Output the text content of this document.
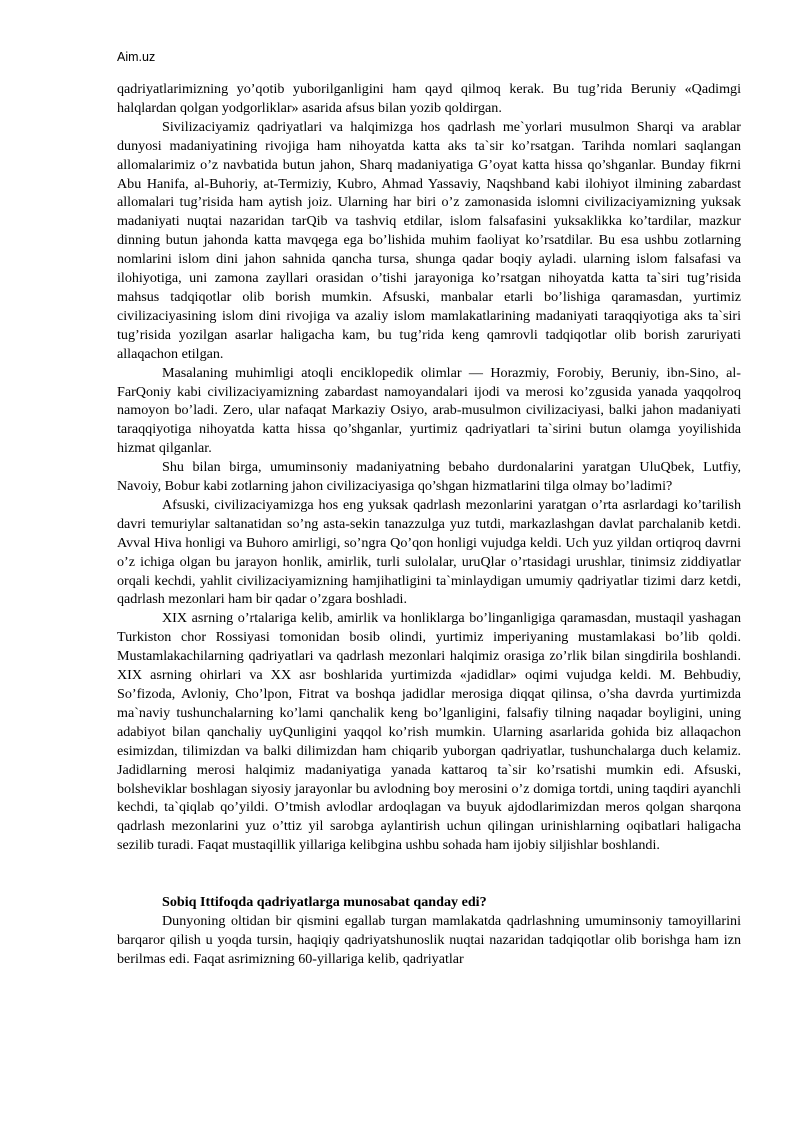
Aim.uz

qadriyatlarimizning yo’qotib yuborilganligini ham qayd qilmoq kerak. Bu tug’rida Beruniy «Qadimgi halqlardan qolgan yodgorliklar» asarida afsus bilan yozib qoldirgan.

Sivilizaciyamiz qadriyatlari va halqimizga hos qadrlash me`yorlari musulmon Sharqi va arablar dunyosi madaniyatining rivojiga ham nihoyatda katta aks ta`sir ko’rsatgan. Tarihda nomlari saqlangan allomalarimiz o’z navbatida butun jahon, Sharq madaniyatiga G’oyat katta hissa qo’shganlar. Bunday fikrni Abu Hanifa, al-Buhoriy, at-Termiziy, Kubro, Ahmad Yassaviy, Naqshband kabi ilohiyot ilmining zabardast allomalari tug’risida ham aytish joiz. Ularning har biri o’z zamonasida islomni civilizaciyamizning yuksak madaniyati nuqtai nazaridan tarQib va tashviq etdilar, islom falsafasini yuksaklikka ko’tardilar, mazkur dinning butun jahonda katta mavqega ega bo’lishida muhim faoliyat ko’rsatdilar. Bu esa ushbu zotlarning nomlarini islom dini jahon sahnida qancha tursa, shunga qadar boqiy ayladi. ularning islom falsafasi va ilohiyotiga, uni zamona zayllari orasidan o’tishi jarayoniga ko’rsatgan nihoyatda katta ta`siri tug’risida mahsus tadqiqotlar olib borish mumkin. Afsuski, manbalar etarli bo’lishiga qaramasdan, yurtimiz civilizaciyasining islom dini rivojiga va azaliy islom mamlakatlarining madaniyati taraqqiyotiga aks ta`siri tug’risida yozilgan asarlar haligacha kam, bu tug’rida keng qamrovli tadqiqotlar olib borish zaruriyati allaqachon etilgan.

Masalaning muhimligi atoqli enciklopedik olimlar — Horazmiy, Forobiy, Beruniy, ibn-Sino, al-FarQoniy kabi civilizaciyamizning zabardast namoyandalari ijodi va merosi ko’zgusida yanada yaqqolroq namoyon bo’ladi. Zero, ular nafaqat Markaziy Osiyo, arab-musulmon civilizaciyasi, balki jahon madaniyati taraqqiyotiga nihoyatda katta hissa qo’shganlar, yurtimiz qadriyatlari ta`sirini butun olamga yoyilishida hizmat qilganlar.

Shu bilan birga, umuminsoniy madaniyatning bebaho durdonalarini yaratgan UluQbek, Lutfiy, Navoiy, Bobur kabi zotlarning jahon civilizaciyasiga qo’shgan hizmatlarini tilga olmay bo’ladimi?

Afsuski, civilizaciyamizga hos eng yuksak qadrlash mezonlarini yaratgan o’rta asrlardagi ko’tarilish davri temuriylar saltanatidan so’ng asta-sekin tanazzulga yuz tutdi, markazlashgan davlat parchalanib ketdi. Avval Hiva honligi va Buhoro amirligi, so’ngra Qo’qon honligi vujudga keldi. Uch yuz yildan ortiqroq davrni o’z ichiga olgan bu jarayon honlik, amirlik, turli sulolalar, uruQlar o’rtasidagi urushlar, tinimsiz ziddiyatlar orqali kechdi, yahlit civilizaciyamizning hamjihatligini ta`minlaydigan umumiy qadriyatlar tizimi darz ketdi, qadrlash mezonlari ham bir qadar o’zgara boshladi.

XIX asrning o’rtalariga kelib, amirlik va honliklarga bo’linganligiga qaramasdan, mustaqil yashagan Turkiston chor Rossiyasi tomonidan bosib olindi, yurtimiz imperiyaning mustamlakasi bo’lib qoldi. Mustamlakachilarning qadriyatlari va qadrlash mezonlari halqimiz orasiga zo’rlik bilan singdirila boshlandi. XIX asrning ohirlari va XX asr boshlarida yurtimizda «jadidlar» oqimi vujudga keldi. M. Behbudiy, So’fizoda, Avloniy, Cho’lpon, Fitrat va boshqa jadidlar merosiga diqqat qilinsa, o’sha davrda yurtimizda ma`naviy tushunchalarning ko’lami qanchalik keng bo’lganligini, falsafiy tilning naqadar boyligini, uning adabiyot bilan qanchaliy uyQunligini yaqqol ko’rish mumkin. Ularning asarlarida gohida biz allaqachon esimizdan, tilimizdan va balki dilimizdan ham chiqarib yuborgan qadriyatlar, tushunchalarga duch kelamiz. Jadidlarning merosi halqimiz madaniyatiga yanada kattaroq ta`sir ko’rsatishi mumkin edi. Afsuski, bolsheviklar boshlagan siyosiy jarayonlar bu avlodning boy merosini o’z domiga tortdi, uning taqdiri ayanchli kechdi, ta`qiqlab qo’yildi. O’tmish avlodlar ardoqlagan va buyuk ajdodlarimizdan meros qolgan sharqona qadrlash mezonlarini yuz o’ttiz yil sarobga aylantirish uchun qilingan urinishlarning oqibatlari haligacha sezilib turadi. Faqat mustaqillik yillariga kelibgina ushbu sohada ham ijobiy siljishlar boshlandi.

Sobiq Ittifoqda qadriyatlarga munosabat qanday edi?

Dunyoning oltidan bir qismini egallab turgan mamlakatda qadrlashning umuminsoniy tamoyillarini barqaror qilish u yoqda tursin, haqiqiy qadriyatshunoslik nuqtai nazaridan tadqiqotlar olib borishga ham izn berilmas edi. Faqat asrimizning 60-yillariga kelib, qadriyatlar
